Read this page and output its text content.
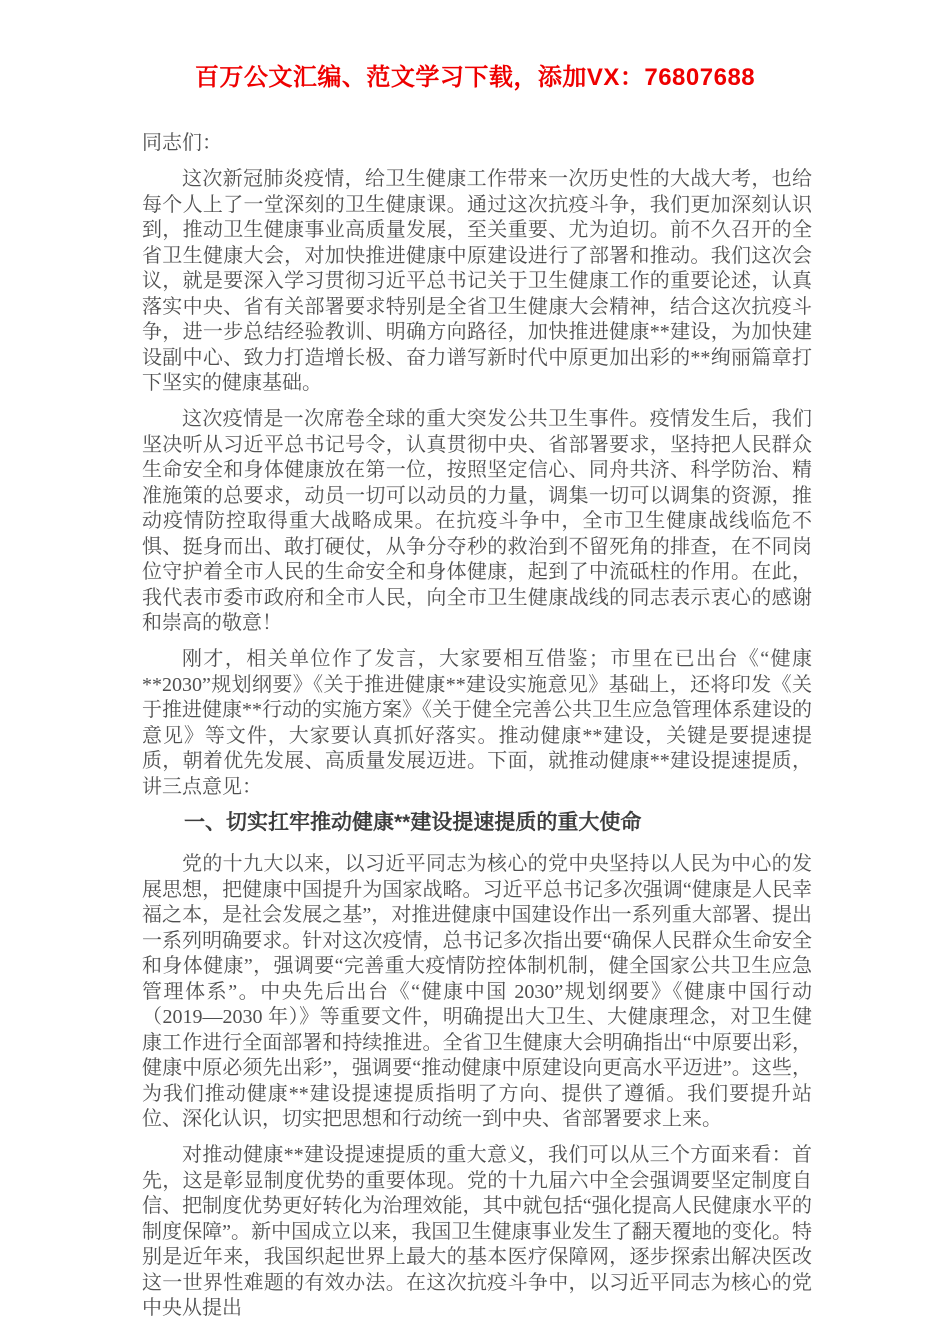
百万公文汇编、范文学习下载，添加VX：76807688
同志们：

这次新冠肺炎疫情，给卫生健康工作带来一次历史性的大战大考，也给每个人上了一堂深刻的卫生健康课。通过这次抗疫斗争，我们更加深刻认识到，推动卫生健康事业高质量发展，至关重要、尤为迫切。前不久召开的全省卫生健康大会，对加快推进健康中原建设进行了部署和推动。我们这次会议，就是要深入学习贯彻习近平总书记关于卫生健康工作的重要论述，认真落实中央、省有关部署要求特别是全省卫生健康大会精神，结合这次抗疫斗争，进一步总结经验教训、明确方向路径，加快推进健康**建设，为加快建设副中心、致力打造增长极、奋力谱写新时代中原更加出彩的**绚丽篇章打下坚实的健康基础。

这次疫情是一次席卷全球的重大突发公共卫生事件。疫情发生后，我们坚决听从习近平总书记号令，认真贯彻中央、省部署要求，坚持把人民群众生命安全和身体健康放在第一位，按照坚定信心、同舟共济、科学防治、精准施策的总要求，动员一切可以动员的力量，调集一切可以调集的资源，推动疫情防控取得重大战略成果。在抗疫斗争中，全市卫生健康战线临危不惧、挺身而出、敢打硬仗，从争分夺秒的救治到不留死角的排查，在不同岗位守护着全市人民的生命安全和身体健康，起到了中流砥柱的作用。在此，我代表市委市政府和全市人民，向全市卫生健康战线的同志表示衷心的感谢和崇高的敬意！

刚才，相关单位作了发言，大家要相互借鉴；市里在已出台《“健康**2030”规划纲要》《关于推进健康**建设实施意见》基础上，还将印发《关于推进健康**行动的实施方案》《关于健全完善公共卫生应急管理体系建设的意见》等文件，大家要认真抓好落实。推动健康**建设，关键是要提速提质，朝着优先发展、高质量发展迈进。下面，就推动健康**建设提速提质，讲三点意见：

一、切实扛牢推动健康**建设提速提质的重大使命

党的十九大以来，以习近平同志为核心的党中央坚持以人民为中心的发展思想，把健康中国提升为国家战略。习近平总书记多次强调“健康是人民幸福之本，是社会发展之基”，对推进健康中国建设作出一系列重大部署、提出一系列明确要求。针对这次疫情，总书记多次指出要“确保人民群众生命安全和身体健康”，强调要“完善重大疫情防控体制机制，健全国家公共卫生应急管理体系”。中央先后出台《“健康中国 2030”规划纲要》《健康中国行动（2019—2030 年）》等重要文件，明确提出大卫生、大健康理念，对卫生健康工作进行全面部署和持续推进。全省卫生健康大会明确指出“中原要出彩，健康中原必须先出彩”，强调要“推动健康中原建设向更高水平迈进”。这些，为我们推动健康**建设提速提质指明了方向、提供了遵循。我们要提升站位、深化认识，切实把思想和行动统一到中央、省部署要求上来。

对推动健康**建设提速提质的重大意义，我们可以从三个方面来看：首先，这是彰显制度优势的重要体现。党的十九届六中全会强调要坚定制度自信、把制度优势更好转化为治理效能，其中就包括“强化提高人民健康水平的制度保障”。新中国成立以来，我国卫生健康事业发生了翻天覆地的变化。特别是近年来，我国织起世界上最大的基本医疗保障网，逐步探索出解决医改这一世界性难题的有效办法。在这次抗疫斗争中，以习近平同志为核心的党中央从提出
